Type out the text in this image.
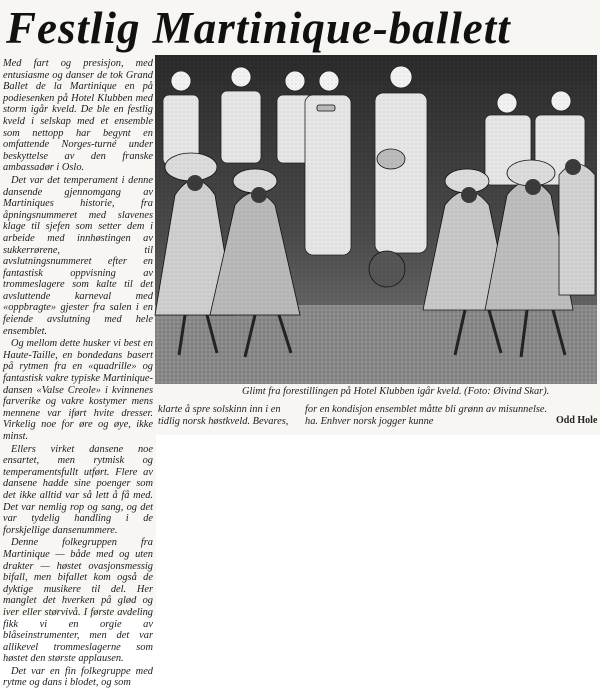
Festlig Martinique-ballett

Med fart og presisjon, med entusiasme og danser de tok Grand Ballet de la Martinique en på podiesenken på Hotel Klubben med storm igår kveld. De ble en festlig kveld i selskap med et ensemble som nettopp har begynt en omfattende Norges-turné under beskyttelse av den franske ambassadør i Oslo.

Det var det temperament i denne dansende gjennomgang av Martiniques historie, fra åpningsnummeret med slavenes klage til sjefen som setter dem i arbeide med innhøstingen av sukkerrørene, til avslutningsnummeret efter en fantastisk oppvisning av trommeslagere som kalte til det avsluttende karneval med «oppbragte» gjester fra salen i en feiende avslutning med hele ensemblet.

Og mellom dette husker vi best en Haute-Taille, en bondedans basert på rytmen fra en «quadrille» og fantastisk vakre typiske Martinique-dansen «Valse Creole» i kvinnenes farverike og vakre kostymer mens mennene var iført hvite dresser. Virkelig noe for øre og øye, ikke minst.

Ellers virket dansene noe ensartet, men rytmisk og temperamentsfullt utført. Flere av dansene hadde sine poenger som det ikke alltid var så lett å få med. Det var nemlig rop og sang, og det var tydelig handling i de forskjellige dansenummere.

Denne folkegruppen fra Martinique — både med og uten drakter — høstet ovasjonsmessig bifall, men bifallet kom også de dyktige musikere til del. Her manglet det hverken på glød og iver eller størvivå. I første avdeling fikk vi en orgie av blåseinstrumenter, men det var allikevel trommeslagerne som høstet den største applausen.

Det var en fin folkegruppe med rytme og dans i blodet, og som

Glimt fra forestillingen på Hotel Klubben igår kveld. (Foto: Øivind Skar).
klarte å spre solskinn inn i en
tidlig norsk høstkveld. Bevares,
for en kondisjon ensemblet måtte bli grønn av misunnelse.
ha. Enhver norsk jogger kunne	Odd Hole
